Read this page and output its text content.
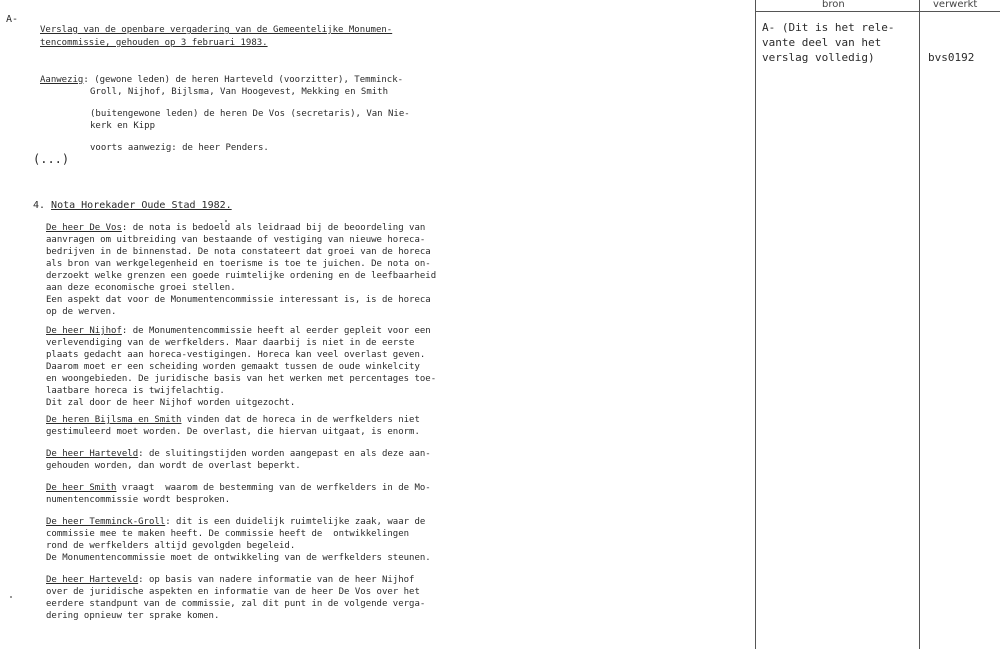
A-
Verslag van de openbare vergadering van de Gemeentelijke Monumen-
tencommissie, gehouden op 3 februari 1983.
Aanwezig: (gewone leden) de heren Harteveld (voorzitter), Temminck-
Groll, Nijhof, Bijlsma, Van Hoogevest, Mekking en Smith
(buitengewone leden) de heren De Vos (secretaris), Van Nie-
kerk en Kipp
voorts aanwezig: de heer Penders.
(...)
4. Nota Horekader Oude Stad 1982.
De heer De Vos: de nota is bedoeld als leidraad bij de beoordeling van
aanvragen om uitbreiding van bestaande of vestiging van nieuwe horeca-
bedrijven in de binnenstad. De nota constateert dat groei van de horeca
als bron van werkgelegenheid en toerisme is toe te juichen. De nota on-
derzoekt welke grenzen een goede ruimtelijke ordening en de leefbaarheid
aan deze economische groei stellen.
Een aspekt dat voor de Monumentencommissie interessant is, is de horeca
op de werven.
De heer Nijhof: de Monumentencommissie heeft al eerder gepleit voor een
verlevendiging van de werfkelders. Maar daarbij is niet in de eerste
plaats gedacht aan horeca-vestigingen. Horeca kan veel overlast geven.
Daarom moet er een scheiding worden gemaakt tussen de oude winkelcity
en woongebieden. De juridische basis van het werken met percentages toe-
laatbare horeca is twijfelachtig.
Dit zal door de heer Nijhof worden uitgezocht.
De heren Bijlsma en Smith vinden dat de horeca in de werfkelders niet
gestimuleerd moet worden. De overlast, die hiervan uitgaat, is enorm.
De heer Harteveld: de sluitingstijden worden aangepast en als deze aan-
gehouden worden, dan wordt de overlast beperkt.
De heer Smith vraagt  waarom de bestemming van de werfkelders in de Mo-
numentencommissie wordt besproken.
De heer Temminck-Groll: dit is een duidelijk ruimtelijke zaak, waar de
commissie mee te maken heeft. De commissie heeft de  ontwikkelingen
rond de werfkelders altijd gevolgden begeleid.
De Monumentencommissie moet de ontwikkeling van de werfkelders steunen.
De heer Harteveld: op basis van nadere informatie van de heer Nijhof
over de juridische aspekten en informatie van de heer De Vos over het
eerdere standpunt van de commissie, zal dit punt in de volgende verga-
dering opnieuw ter sprake komen.
bron	verwerkt
A- (Dit is het rele-
vante deel van het
verslag volledig)	bvs0192
